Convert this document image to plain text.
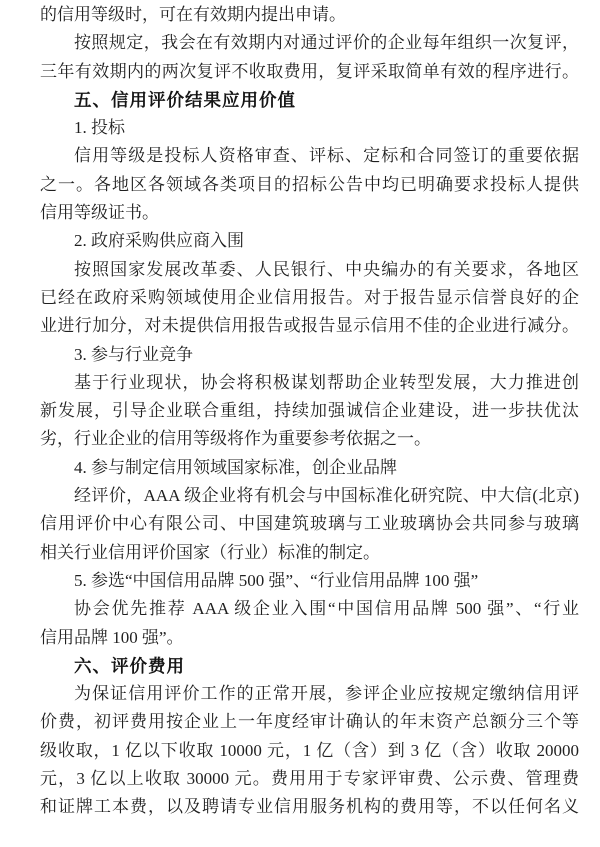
的信用等级时，可在有效期内提出申请。
按照规定，我会在有效期内对通过评价的企业每年组织一次复评，
三年有效期内的两次复评不收取费用，复评采取简单有效的程序进行。
五、信用评价结果应用价值
1. 投标
信用等级是投标人资格审查、评标、定标和合同签订的重要依据
之一。各地区各领域各类项目的招标公告中均已明确要求投标人提供
信用等级证书。
2. 政府采购供应商入围
按照国家发展改革委、人民银行、中央编办的有关要求，各地区
已经在政府采购领域使用企业信用报告。对于报告显示信誉良好的企
业进行加分，对未提供信用报告或报告显示信用不佳的企业进行减分。
3. 参与行业竞争
基于行业现状，协会将积极谋划帮助企业转型发展，大力推进创
新发展，引导企业联合重组，持续加强诚信企业建设，进一步扶优汰
劣，行业企业的信用等级将作为重要参考依据之一。
4. 参与制定信用领域国家标准，创企业品牌
经评价，AAA 级企业将有机会与中国标准化研究院、中大信(北京)
信用评价中心有限公司、中国建筑玻璃与工业玻璃协会共同参与玻璃
相关行业信用评价国家（行业）标准的制定。
5. 参选“中国信用品牌 500 强”、“行业信用品牌 100 强”
协会优先推荐 AAA 级企业入围“中国信用品牌 500 强”、“行业
信用品牌 100 强”。
六、评价费用
为保证信用评价工作的正常开展，参评企业应按规定缴纳信用评
价费，初评费用按企业上一年度经审计确认的年末资产总额分三个等
级收取，1 亿以下收取 10000 元，1 亿（含）到 3 亿（含）收取 20000
元，3 亿以上收取 30000 元。费用用于专家评审费、公示费、管理费
和证牌工本费，以及聘请专业信用服务机构的费用等，不以任何名义
